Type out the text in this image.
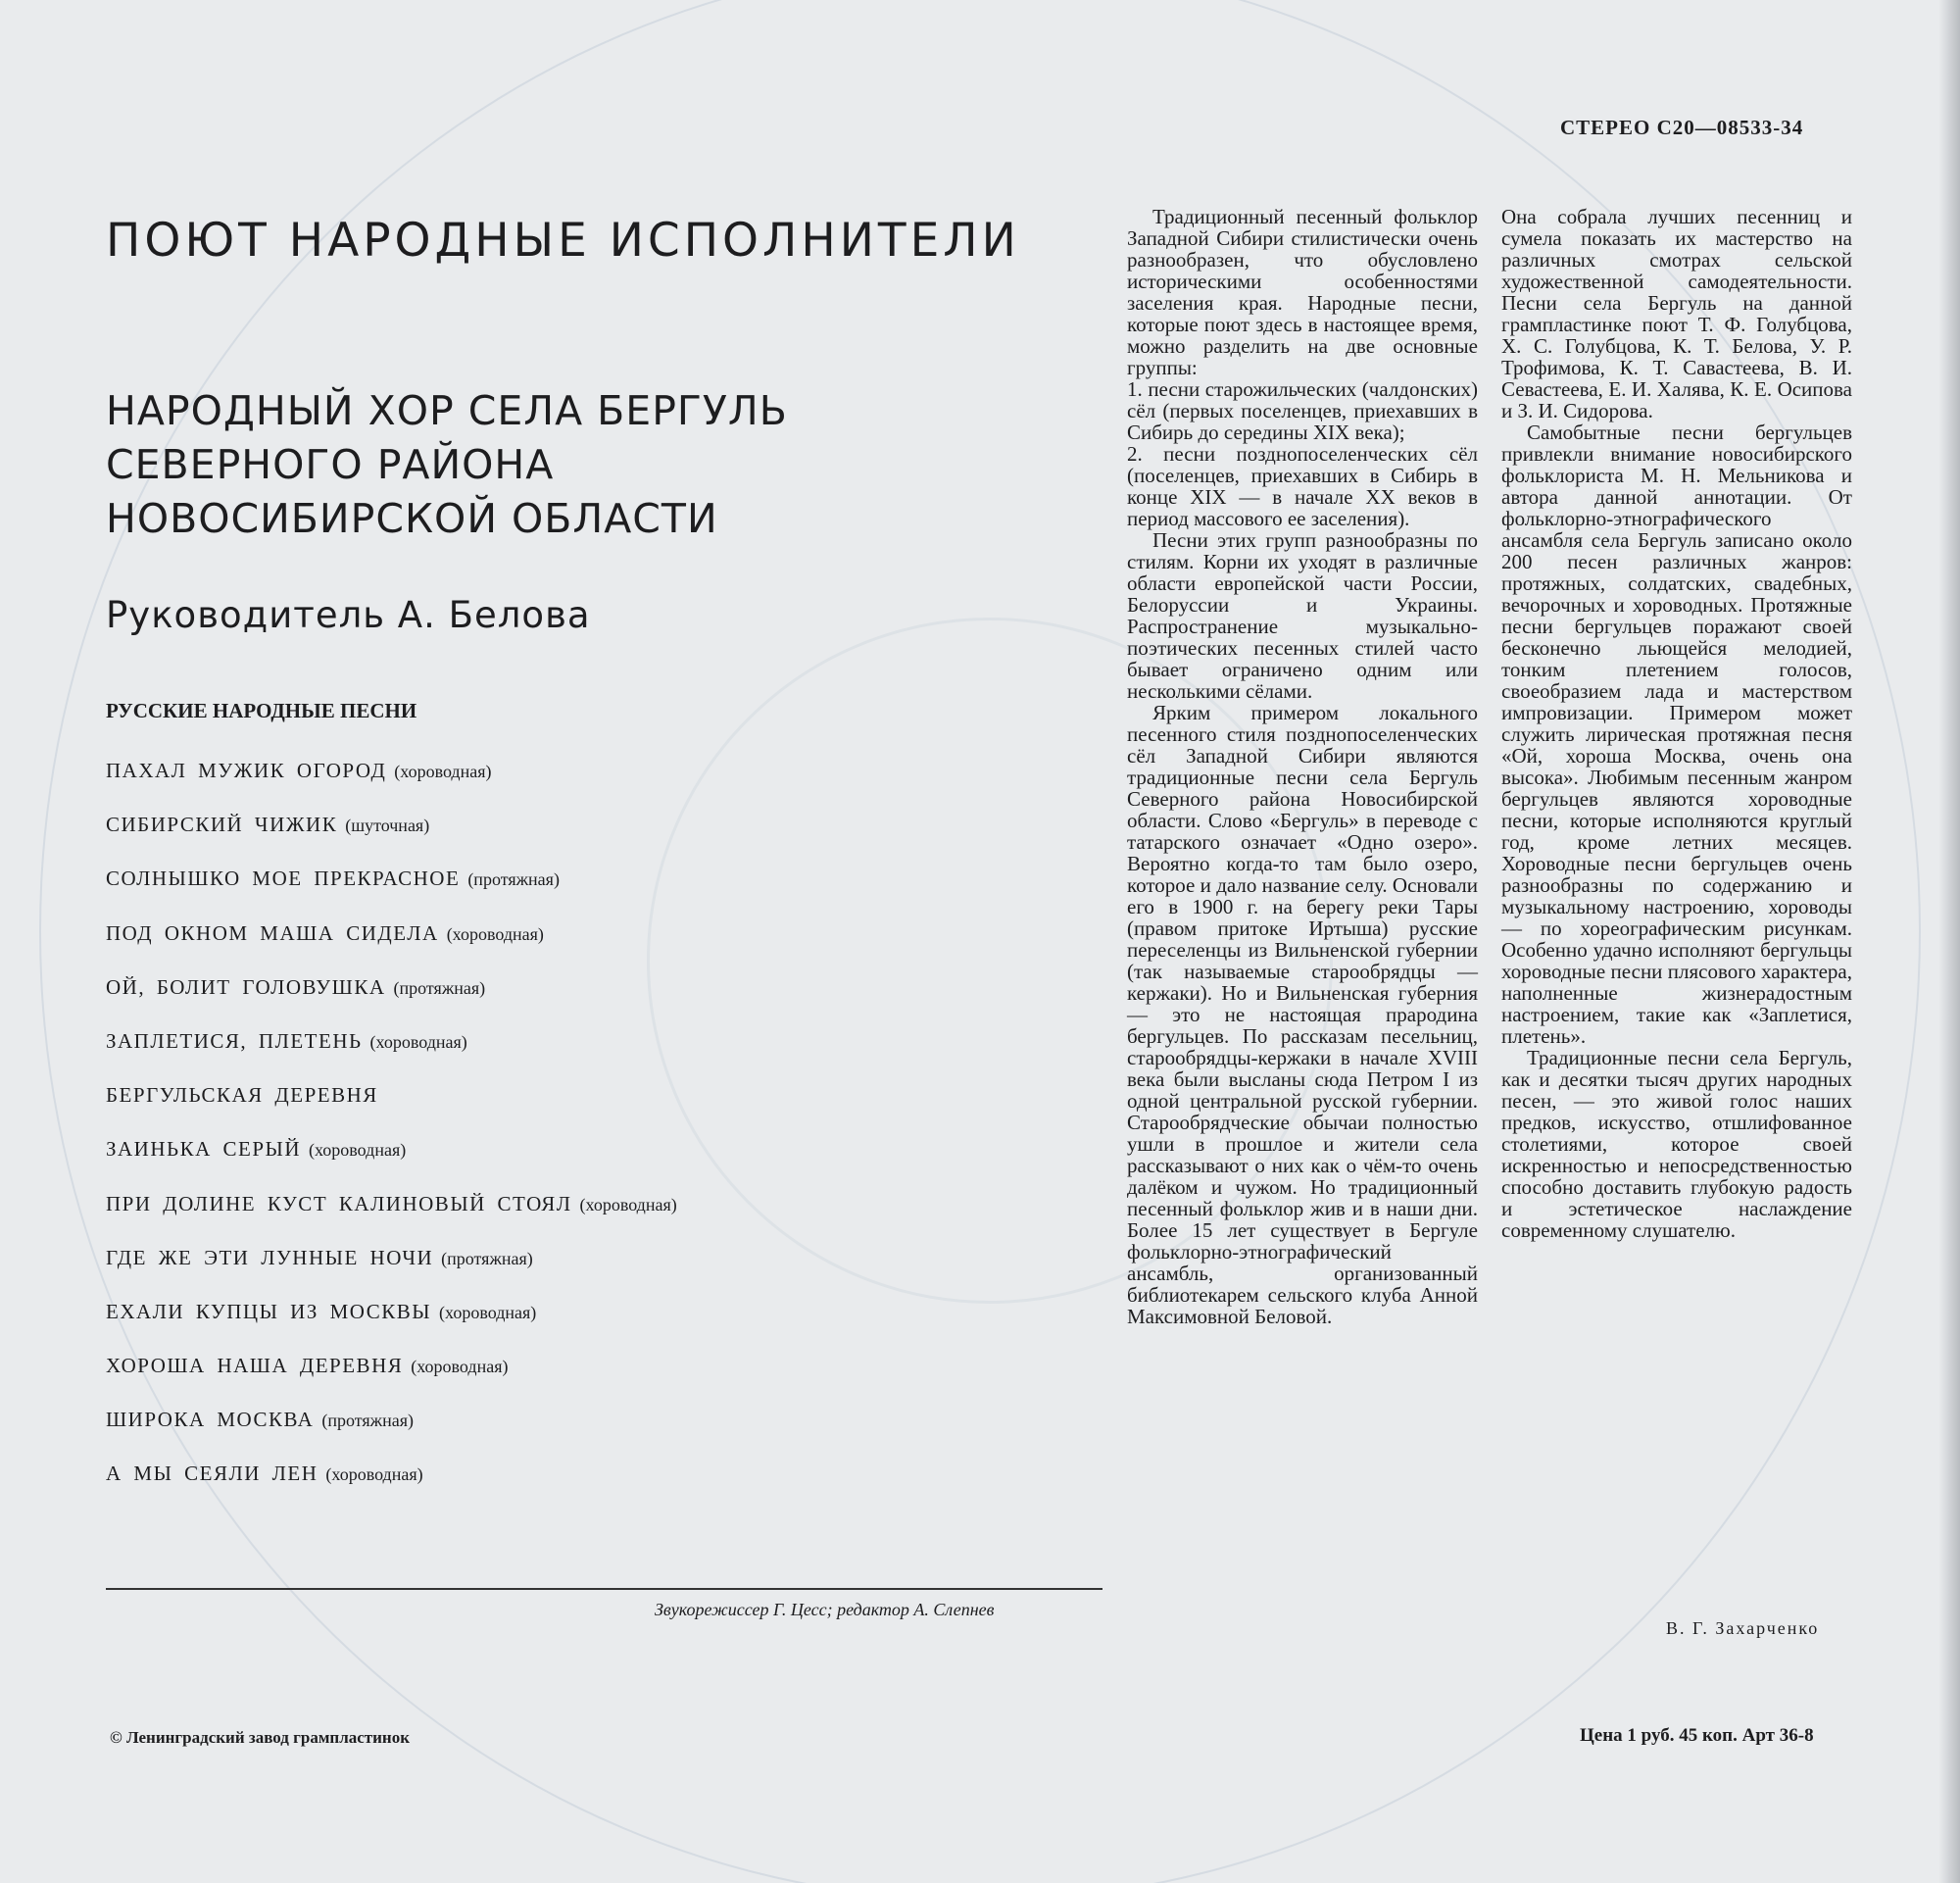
СТЕРЕО С20—08533-34
ПОЮТ НАРОДНЫЕ ИСПОЛНИТЕЛИ
НАРОДНЫЙ ХОР СЕЛА БЕРГУЛЬ
СЕВЕРНОГО РАЙОНА
НОВОСИБИРСКОЙ ОБЛАСТИ
Руководитель А. Белова
РУССКИЕ НАРОДНЫЕ ПЕСНИ
ПАХАЛ МУЖИК ОГОРОД (хороводная)
СИБИРСКИЙ ЧИЖИК (шуточная)
СОЛНЫШКО МОЕ ПРЕКРАСНОЕ (протяжная)
ПОД ОКНОМ МАША СИДЕЛА (хороводная)
ОЙ, БОЛИТ ГОЛОВУШКА (протяжная)
ЗАПЛЕТИСЯ, ПЛЕТЕНЬ (хороводная)
БЕРГУЛЬСКАЯ ДЕРЕВНЯ
ЗАИНЬКА СЕРЫЙ (хороводная)
ПРИ ДОЛИНЕ КУСТ КАЛИНОВЫЙ СТОЯЛ (хороводная)
ГДЕ ЖЕ ЭТИ ЛУННЫЕ НОЧИ (протяжная)
ЕХАЛИ КУПЦЫ ИЗ МОСКВЫ (хороводная)
ХОРОША НАША ДЕРЕВНЯ (хороводная)
ШИРОКА МОСКВА (протяжная)
А МЫ СЕЯЛИ ЛЕН (хороводная)
Звукорежиссер Г. Цесс; редактор А. Слепнев

Традиционный песенный фольклор Западной Сибири стилистически очень разнообразен, что обусловлено историческими особенностями заселения края. Народные песни, которые поют здесь в настоящее время, можно разделить на две основные группы:

1. песни старожильческих (чалдонских) сёл (первых поселенцев, приехавших в Сибирь до середины XIX века);

2. песни позднопоселенческих сёл (поселенцев, приехавших в Сибирь в конце XIX — в начале XX веков в период массового ее заселения).

Песни этих групп разнообразны по стилям. Корни их уходят в различные области европейской части России, Белоруссии и Украины. Распространение музыкально-поэтических песенных стилей часто бывает ограничено одним или несколькими сёлами.

Ярким примером локального песенного стиля позднопоселенческих сёл Западной Сибири являются традиционные песни села Бергуль Северного района Новосибирской области. Слово «Бергуль» в переводе с татарского означает «Одно озеро». Вероятно когда-то там было озеро, которое и дало название селу. Основали его в 1900 г. на берегу реки Тары (правом притоке Иртыша) русские переселенцы из Вильненской губернии (так называемые старообрядцы — кержаки). Но и Вильненская губерния — это не настоящая прародина бергульцев. По рассказам песельниц, старообрядцы-кержаки в начале XVIII века были высланы сюда Петром I из одной центральной русской губернии. Старообрядческие обычаи полностью ушли в прошлое и жители села рассказывают о них как о чём-то очень далёком и чужом. Но традиционный песенный фольклор жив и в наши дни. Более 15 лет существует в Бергуле фольклорно-этнографический ансамбль, организованный библиотекарем сельского клуба Анной Максимовной Беловой.

Она собрала лучших песенниц и сумела показать их мастерство на различных смотрах сельской художественной самодеятельности. Песни села Бергуль на данной грампластинке поют Т. Ф. Голубцова, Х. С. Голубцова, К. Т. Белова, У. Р. Трофимова, К. Т. Савастеева, В. И. Севастеева, Е. И. Халява, К. Е. Осипова и З. И. Сидорова.

Самобытные песни бергульцев привлекли внимание новосибирского фольклориста М. Н. Мельникова и автора данной аннотации. От фольклорно-этнографического ансамбля села Бергуль записано около 200 песен различных жанров: протяжных, солдатских, свадебных, вечорочных и хороводных. Протяжные песни бергульцев поражают своей бесконечно льющейся мелодией, тонким плетением голосов, своеобразием лада и мастерством импровизации. Примером может служить лирическая протяжная песня «Ой, хороша Москва, очень она высока». Любимым песенным жанром бергульцев являются хороводные песни, которые исполняются круглый год, кроме летних месяцев. Хороводные песни бергульцев очень разнообразны по содержанию и музыкальному настроению, хороводы — по хореографическим рисункам. Особенно удачно исполняют бергульцы хороводные песни плясового характера, наполненные жизнерадостным настроением, такие как «Заплетися, плетень».

Традиционные песни села Бергуль, как и десятки тысяч других народных песен, — это живой голос наших предков, искусство, отшлифованное столетиями, которое своей искренностью и непосредственностью способно доставить глубокую радость и эстетическое наслаждение современному слушателю.

В. Г. Захарченко
© Ленинградский завод грампластинок	Цена 1 руб. 45 коп. Арт 36-8
